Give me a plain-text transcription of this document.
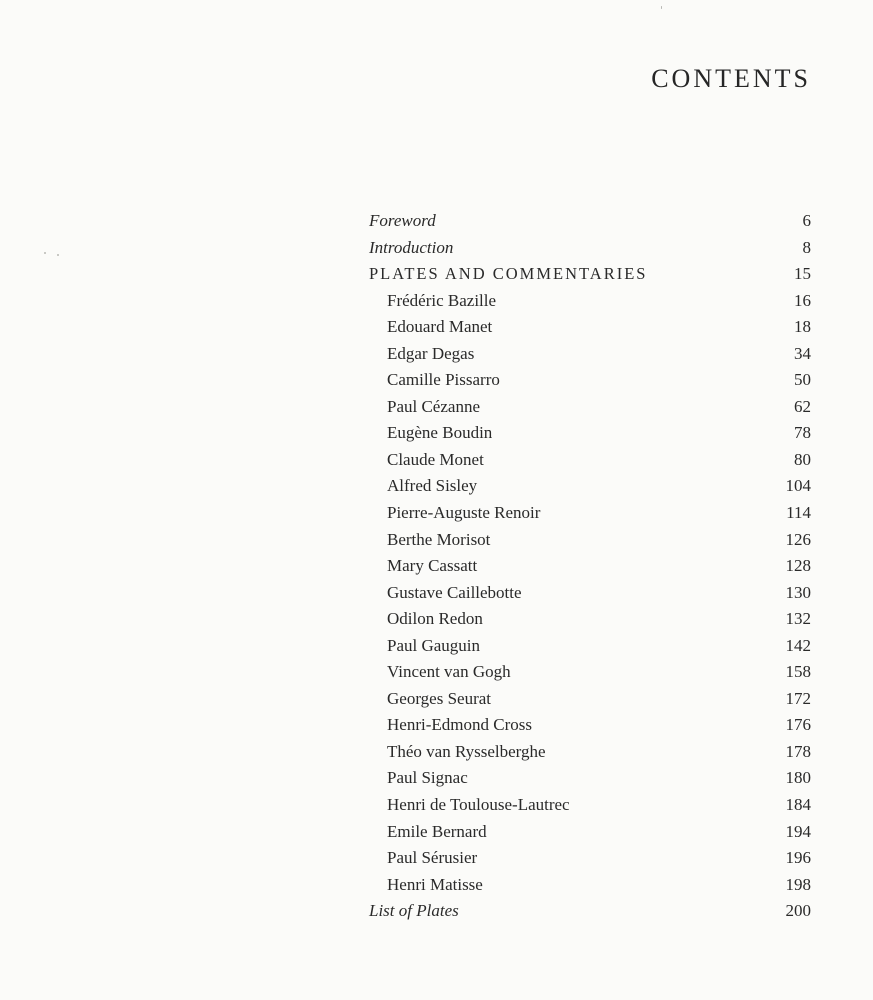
CONTENTS
Foreword	6
Introduction	8
PLATES AND COMMENTARIES	15
Frédéric Bazille	16
Edouard Manet	18
Edgar Degas	34
Camille Pissarro	50
Paul Cézanne	62
Eugène Boudin	78
Claude Monet	80
Alfred Sisley	104
Pierre-Auguste Renoir	114
Berthe Morisot	126
Mary Cassatt	128
Gustave Caillebotte	130
Odilon Redon	132
Paul Gauguin	142
Vincent van Gogh	158
Georges Seurat	172
Henri-Edmond Cross	176
Théo van Rysselberghe	178
Paul Signac	180
Henri de Toulouse-Lautrec	184
Emile Bernard	194
Paul Sérusier	196
Henri Matisse	198
List of Plates	200
